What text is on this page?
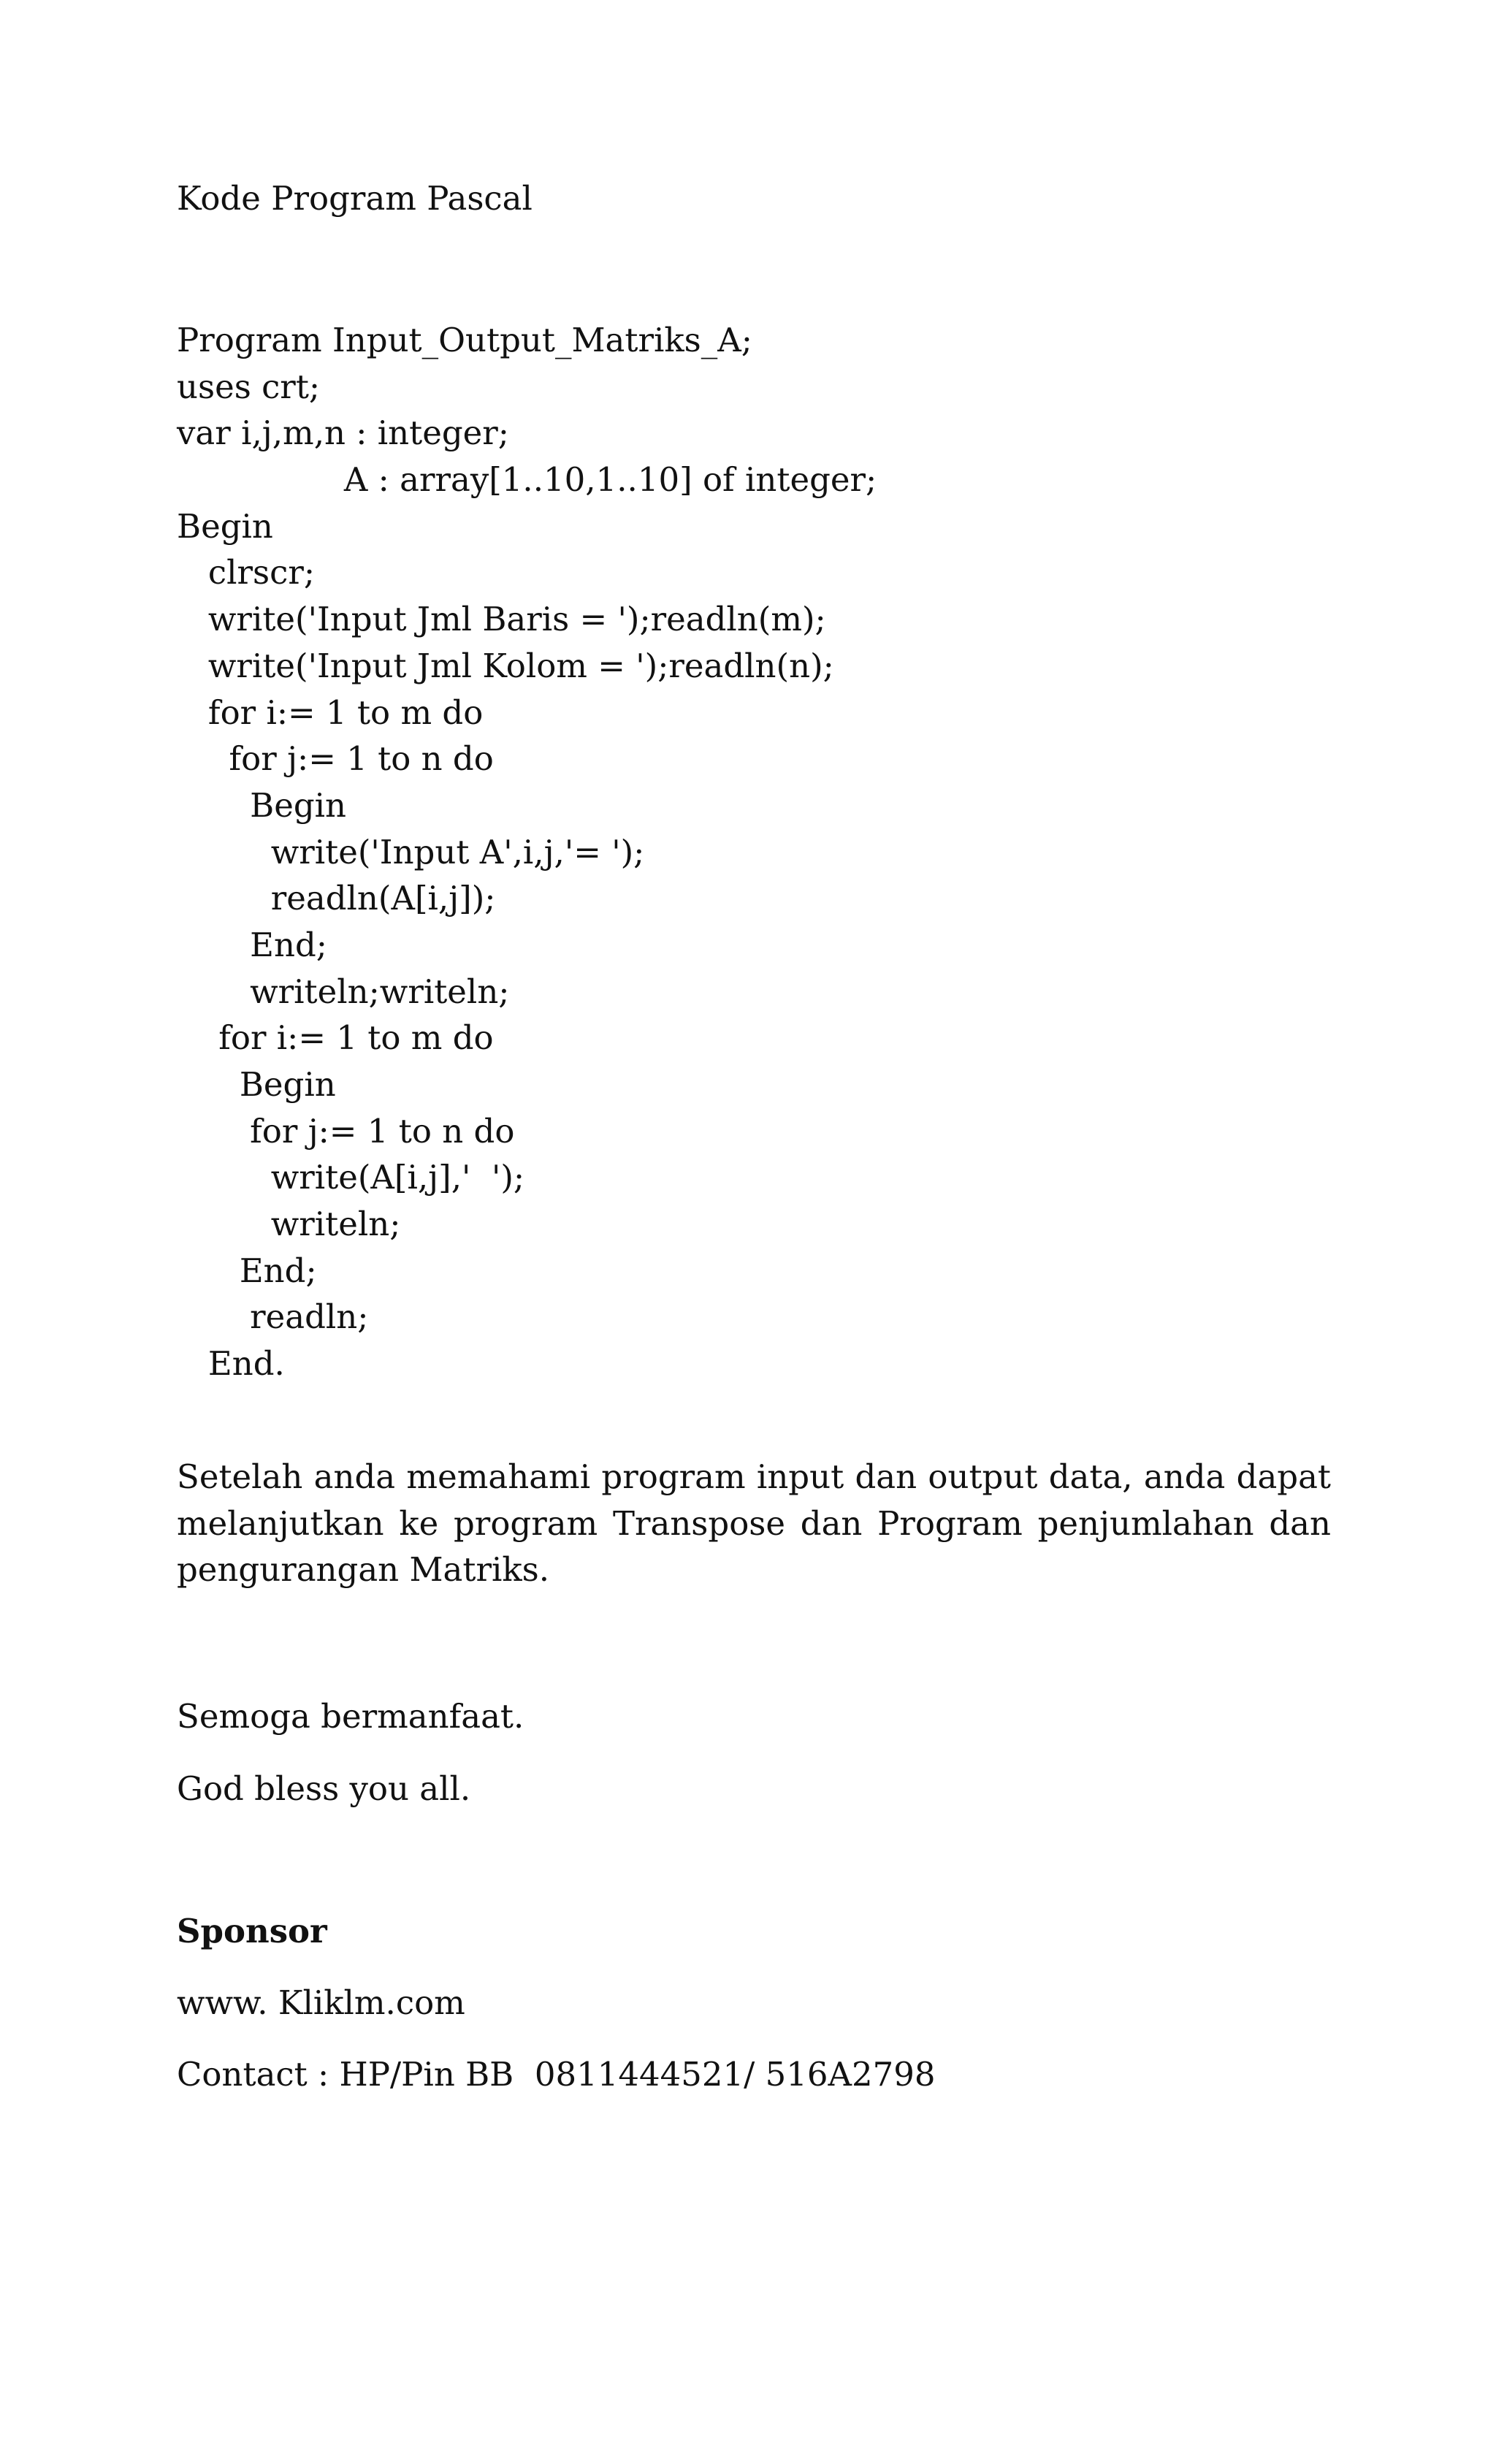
Kode Program Pascal
Program Input_Output_Matriks_A;
uses crt;
var i,j,m,n : integer;
A : array[1..10,1..10] of integer;
Begin
clrscr;
write('Input Jml Baris = ');readln(m);
write('Input Jml Kolom = ');readln(n);
for i:= 1 to m do
for j:= 1 to n do
Begin
write('Input A',i,j,'= ');
readln(A[i,j]);
End;
writeln;writeln;
for i:= 1 to m do
Begin
for j:= 1 to n do
write(A[i,j],'  ');
writeln;
End;
readln;
End.
Setelah anda memahami program input dan output data, anda dapat melanjutkan ke program Transpose dan Program penjumlahan dan pengurangan Matriks.
Semoga bermanfaat.
God bless you all.
Sponsor
www. Kliklm.com
Contact : HP/Pin BB  0811444521/ 516A2798
